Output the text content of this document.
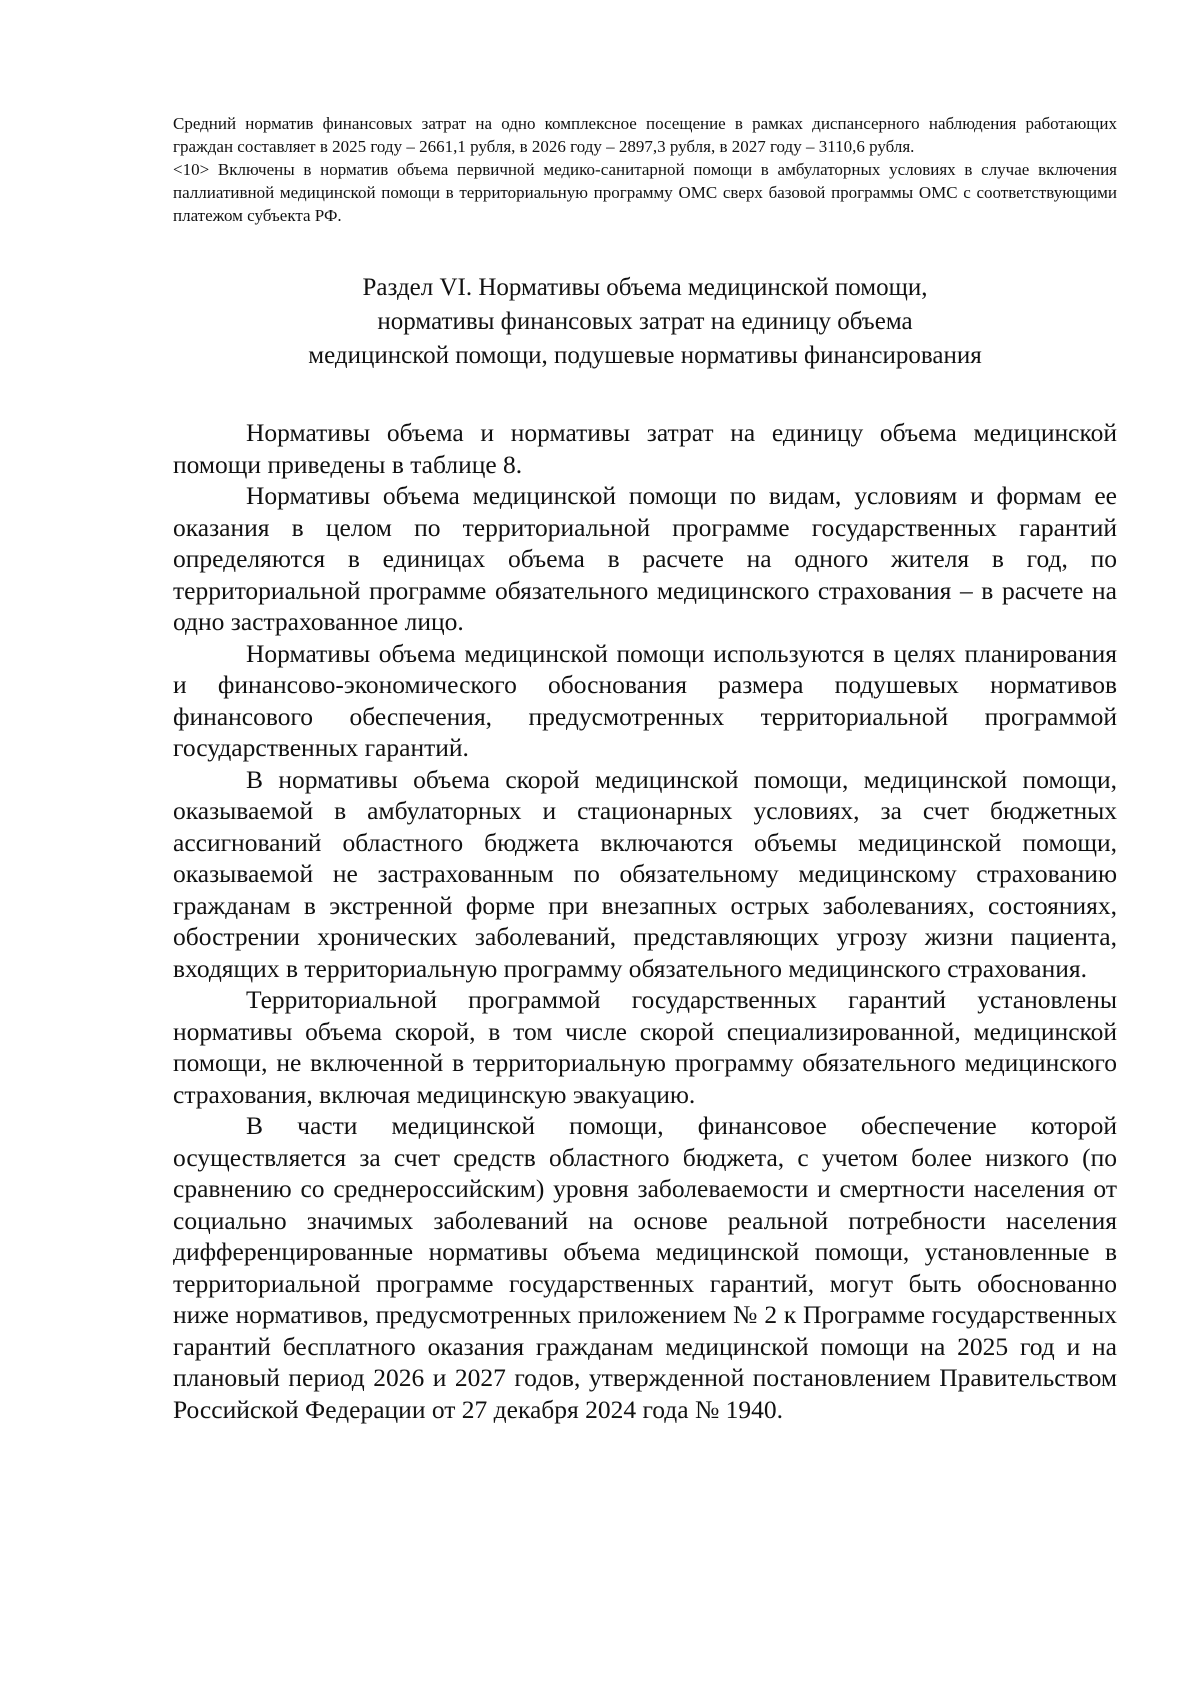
Средний норматив финансовых затрат на одно комплексное посещение в рамках диспансерного наблюдения работающих граждан составляет в 2025 году – 2661,1 рубля, в 2026 году – 2897,3 рубля, в 2027 году – 3110,6 рубля.

<10> Включены в норматив объема первичной медико-санитарной помощи в амбулаторных условиях в случае включения паллиативной медицинской помощи в территориальную программу ОМС сверх базовой программы ОМС с соответствующими платежом субъекта РФ.

Раздел VI. Нормативы объема медицинской помощи,
нормативы финансовых затрат на единицу объема
медицинской помощи, подушевые нормативы финансирования

Нормативы объема и нормативы затрат на единицу объема медицинской помощи приведены в таблице 8.

Нормативы объема медицинской помощи по видам, условиям и формам ее оказания в целом по территориальной программе государственных гарантий определяются в единицах объема в расчете на одного жителя в год, по территориальной программе обязательного медицинского страхования – в расчете на одно застрахованное лицо.

Нормативы объема медицинской помощи используются в целях планирования и финансово-экономического обоснования размера подушевых нормативов финансового обеспечения, предусмотренных территориальной программой государственных гарантий.

В нормативы объема скорой медицинской помощи, медицинской помощи, оказываемой в амбулаторных и стационарных условиях, за счет бюджетных ассигнований областного бюджета включаются объемы медицинской помощи, оказываемой не застрахованным по обязательному медицинскому страхованию гражданам в экстренной форме при внезапных острых заболеваниях, состояниях, обострении хронических заболеваний, представляющих угрозу жизни пациента, входящих в территориальную программу обязательного медицинского страхования.

Территориальной программой государственных гарантий установлены нормативы объема скорой, в том числе скорой специализированной, медицинской помощи, не включенной в территориальную программу обязательного медицинского страхования, включая медицинскую эвакуацию.

В части медицинской помощи, финансовое обеспечение которой осуществляется за счет средств областного бюджета, с учетом более низкого (по сравнению со среднероссийским) уровня заболеваемости и смертности населения от социально значимых заболеваний на основе реальной потребности населения дифференцированные нормативы объема медицинской помощи, установленные в территориальной программе государственных гарантий, могут быть обоснованно ниже нормативов, предусмотренных приложением № 2 к Программе государственных гарантий бесплатного оказания гражданам медицинской помощи на 2025 год и на плановый период 2026 и 2027 годов, утвержденной постановлением Правительством Российской Федерации от 27 декабря 2024 года № 1940.
